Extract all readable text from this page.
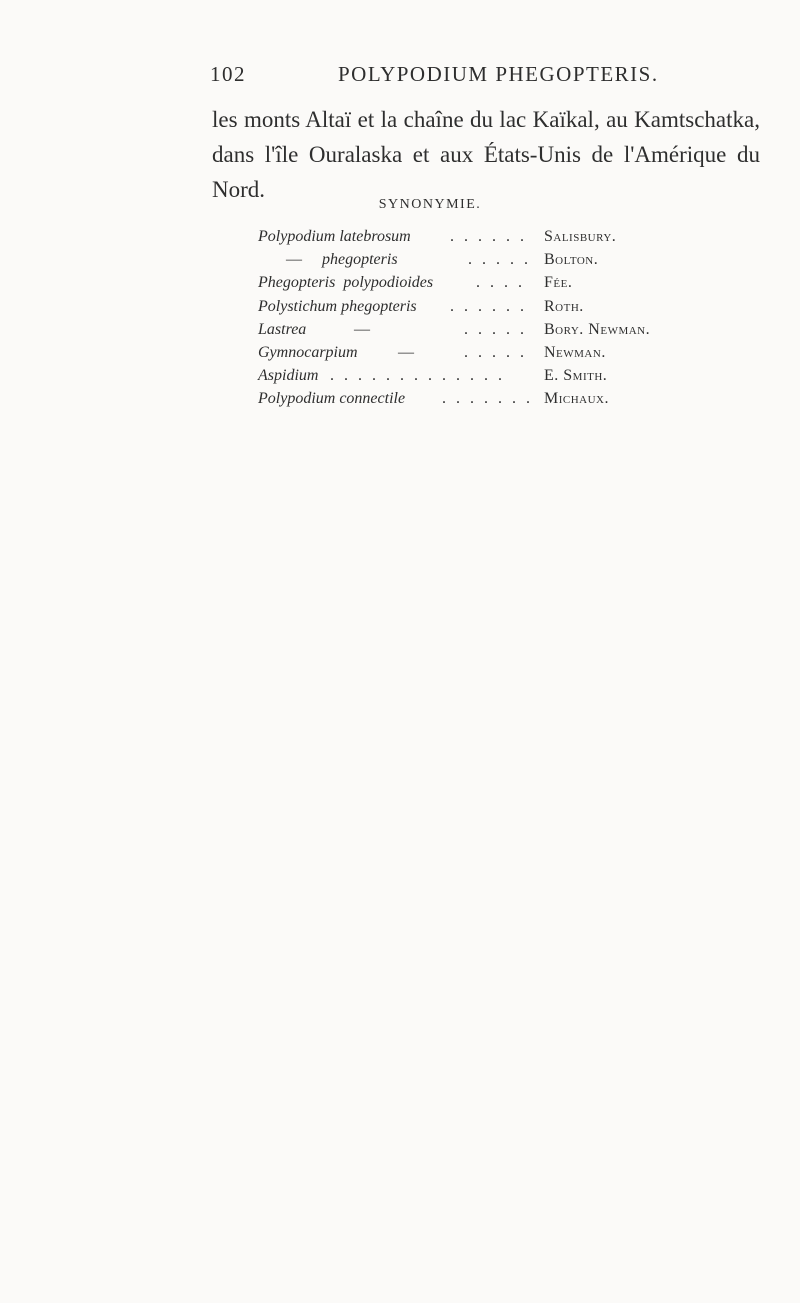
102	POLYPODIUM PHEGOPTERIS.
les monts Altaï et la chaîne du lac Kaïkal, au Kamtschatka,
dans l'île Ouralaska et aux États-Unis de l'Amérique du
Nord.
SYNONYMIE.
Polypodium latebrosum . . . . . . Salisbury.
— phegopteris	. . . . . Bolton.
Phegopteris polypodioides	. . . . Fée.
Polystichum phegopteris . . . . . . Roth.
Lastrea	—	. . . . . Bory. Newman.
Gymnocarpium	—	. . . . . Newman.
Aspidium . . . . . . . . . . . . . E. Smith.
Polypodium connectile . . . . . . . Michaux.
